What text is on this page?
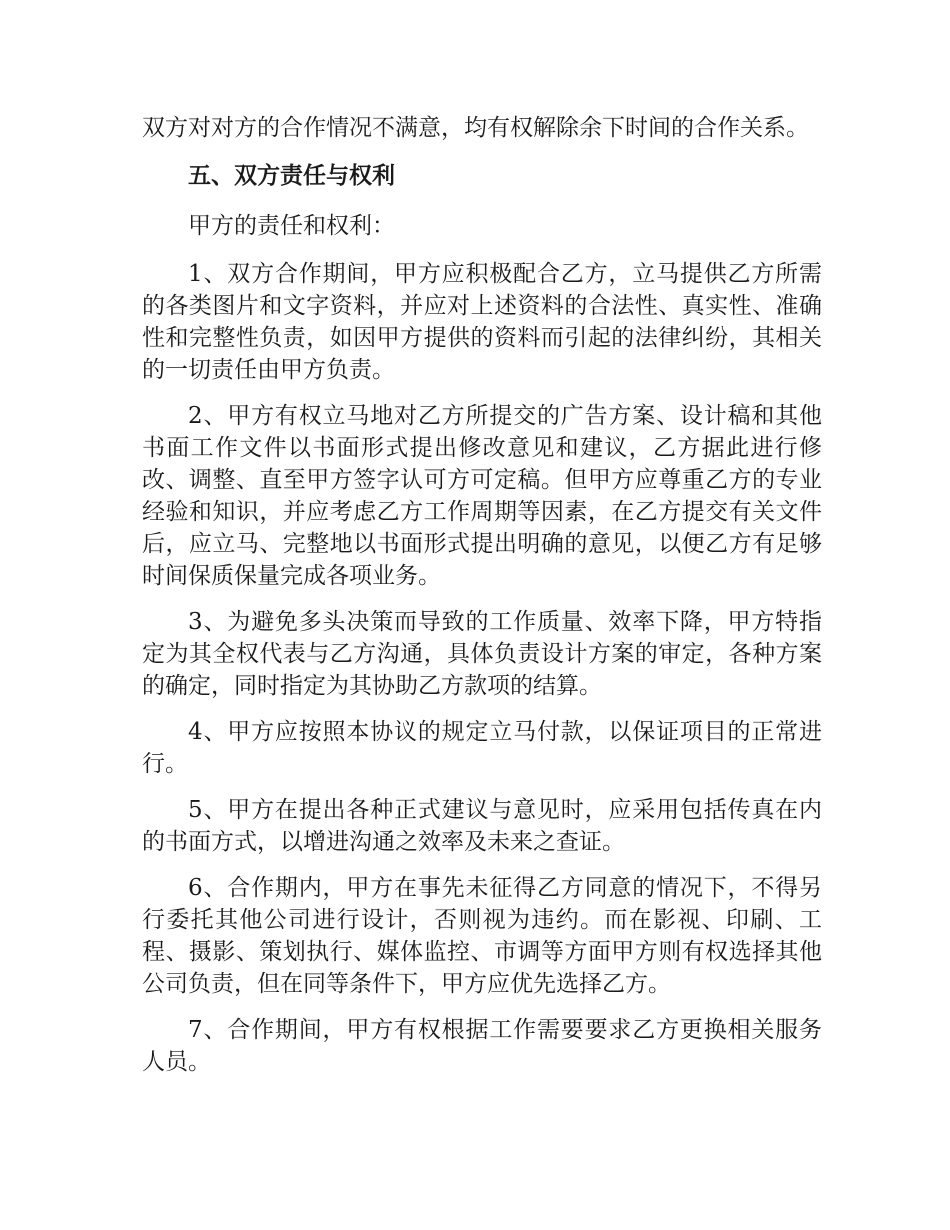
双方对对方的合作情况不满意，均有权解除余下时间的合作关系。

五、双方责任与权利

甲方的责任和权利：

1、双方合作期间，甲方应积极配合乙方，立马提供乙方所需的各类图片和文字资料，并应对上述资料的合法性、真实性、准确性和完整性负责，如因甲方提供的资料而引起的法律纠纷，其相关的一切责任由甲方负责。

2、甲方有权立马地对乙方所提交的广告方案、设计稿和其他书面工作文件以书面形式提出修改意见和建议，乙方据此进行修改、调整、直至甲方签字认可方可定稿。但甲方应尊重乙方的专业经验和知识，并应考虑乙方工作周期等因素，在乙方提交有关文件后，应立马、完整地以书面形式提出明确的意见，以便乙方有足够时间保质保量完成各项业务。

3、为避免多头决策而导致的工作质量、效率下降，甲方特指定为其全权代表与乙方沟通，具体负责设计方案的审定，各种方案的确定，同时指定为其协助乙方款项的结算。

4、甲方应按照本协议的规定立马付款，以保证项目的正常进行。

5、甲方在提出各种正式建议与意见时，应采用包括传真在内的书面方式，以增进沟通之效率及未来之查证。

6、合作期内，甲方在事先未征得乙方同意的情况下，不得另行委托其他公司进行设计，否则视为违约。而在影视、印刷、工程、摄影、策划执行、媒体监控、市调等方面甲方则有权选择其他公司负责，但在同等条件下，甲方应优先选择乙方。

7、合作期间，甲方有权根据工作需要要求乙方更换相关服务人员。
